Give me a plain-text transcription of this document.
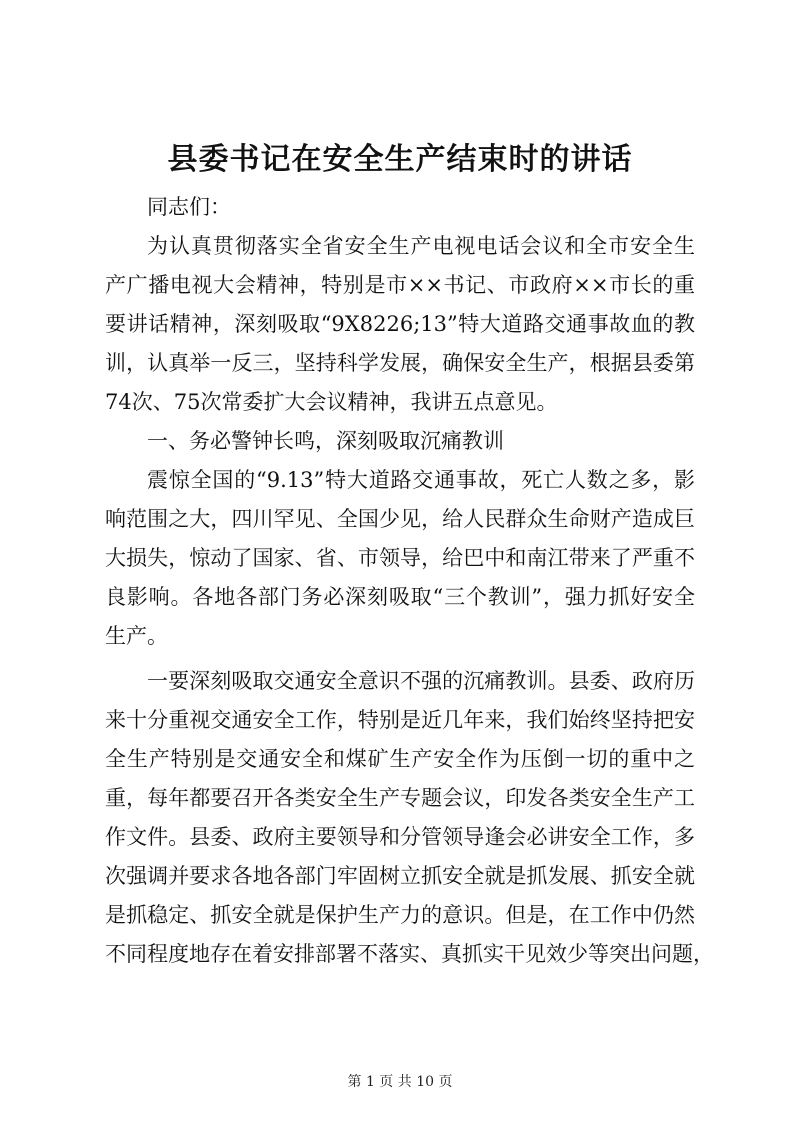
县委书记在安全生产结束时的讲话
同志们：
为认真贯彻落实全省安全生产电视电话会议和全市安全生
产广播电视大会精神，特别是市××书记、市政府××市长的重
要讲话精神，深刻吸取“9X8226;13”特大道路交通事故血的教
训，认真举一反三，坚持科学发展，确保安全生产，根据县委第
74次、75次常委扩大会议精神，我讲五点意见。
一、务必警钟长鸣，深刻吸取沉痛教训
震惊全国的“9.13”特大道路交通事故，死亡人数之多，影
响范围之大，四川罕见、全国少见，给人民群众生命财产造成巨
大损失，惊动了国家、省、市领导，给巴中和南江带来了严重不
良影响。各地各部门务必深刻吸取“三个教训”，强力抓好安全
生产。
一要深刻吸取交通安全意识不强的沉痛教训。县委、政府历
来十分重视交通安全工作，特别是近几年来，我们始终坚持把安
全生产特别是交通安全和煤矿生产安全作为压倒一切的重中之
重，每年都要召开各类安全生产专题会议，印发各类安全生产工
作文件。县委、政府主要领导和分管领导逢会必讲安全工作，多
次强调并要求各地各部门牢固树立抓安全就是抓发展、抓安全就
是抓稳定、抓安全就是保护生产力的意识。但是，在工作中仍然
不同程度地存在着安排部署不落实、真抓实干见效少等突出问题，
第 1 页 共 10 页
